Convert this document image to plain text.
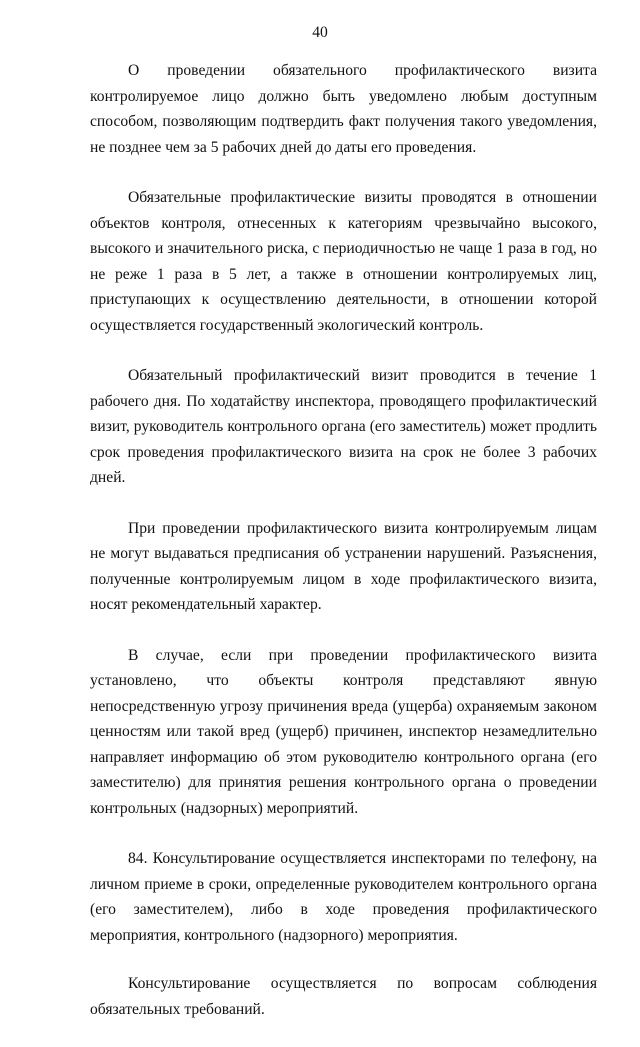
40

О проведении обязательного профилактического визита контролируемое лицо должно быть уведомлено любым доступным способом, позволяющим подтвердить факт получения такого уведомления, не позднее чем за 5 рабочих дней до даты его проведения.

Обязательные профилактические визиты проводятся в отношении объектов контроля, отнесенных к категориям чрезвычайно высокого, высокого и значительного риска, с периодичностью не чаще 1 раза в год, но не реже 1 раза в 5 лет, а также в отношении контролируемых лиц, приступающих к осуществлению деятельности, в отношении которой осуществляется государственный экологический контроль.

Обязательный профилактический визит проводится в течение 1 рабочего дня. По ходатайству инспектора, проводящего профилактический визит, руководитель контрольного органа (его заместитель) может продлить срок проведения профилактического визита на срок не более 3 рабочих дней.

При проведении профилактического визита контролируемым лицам не могут выдаваться предписания об устранении нарушений. Разъяснения, полученные контролируемым лицом в ходе профилактического визита, носят рекомендательный характер.

В случае, если при проведении профилактического визита установлено, что объекты контроля представляют явную непосредственную угрозу причинения вреда (ущерба) охраняемым законом ценностям или такой вред (ущерб) причинен, инспектор незамедлительно направляет информацию об этом руководителю контрольного органа (его заместителю) для принятия решения контрольного органа о проведении контрольных (надзорных) мероприятий.

84. Консультирование осуществляется инспекторами по телефону, на личном приеме в сроки, определенные руководителем контрольного органа (его заместителем), либо в ходе проведения профилактического мероприятия, контрольного (надзорного) мероприятия.

Консультирование осуществляется по вопросам соблюдения обязательных требований.
